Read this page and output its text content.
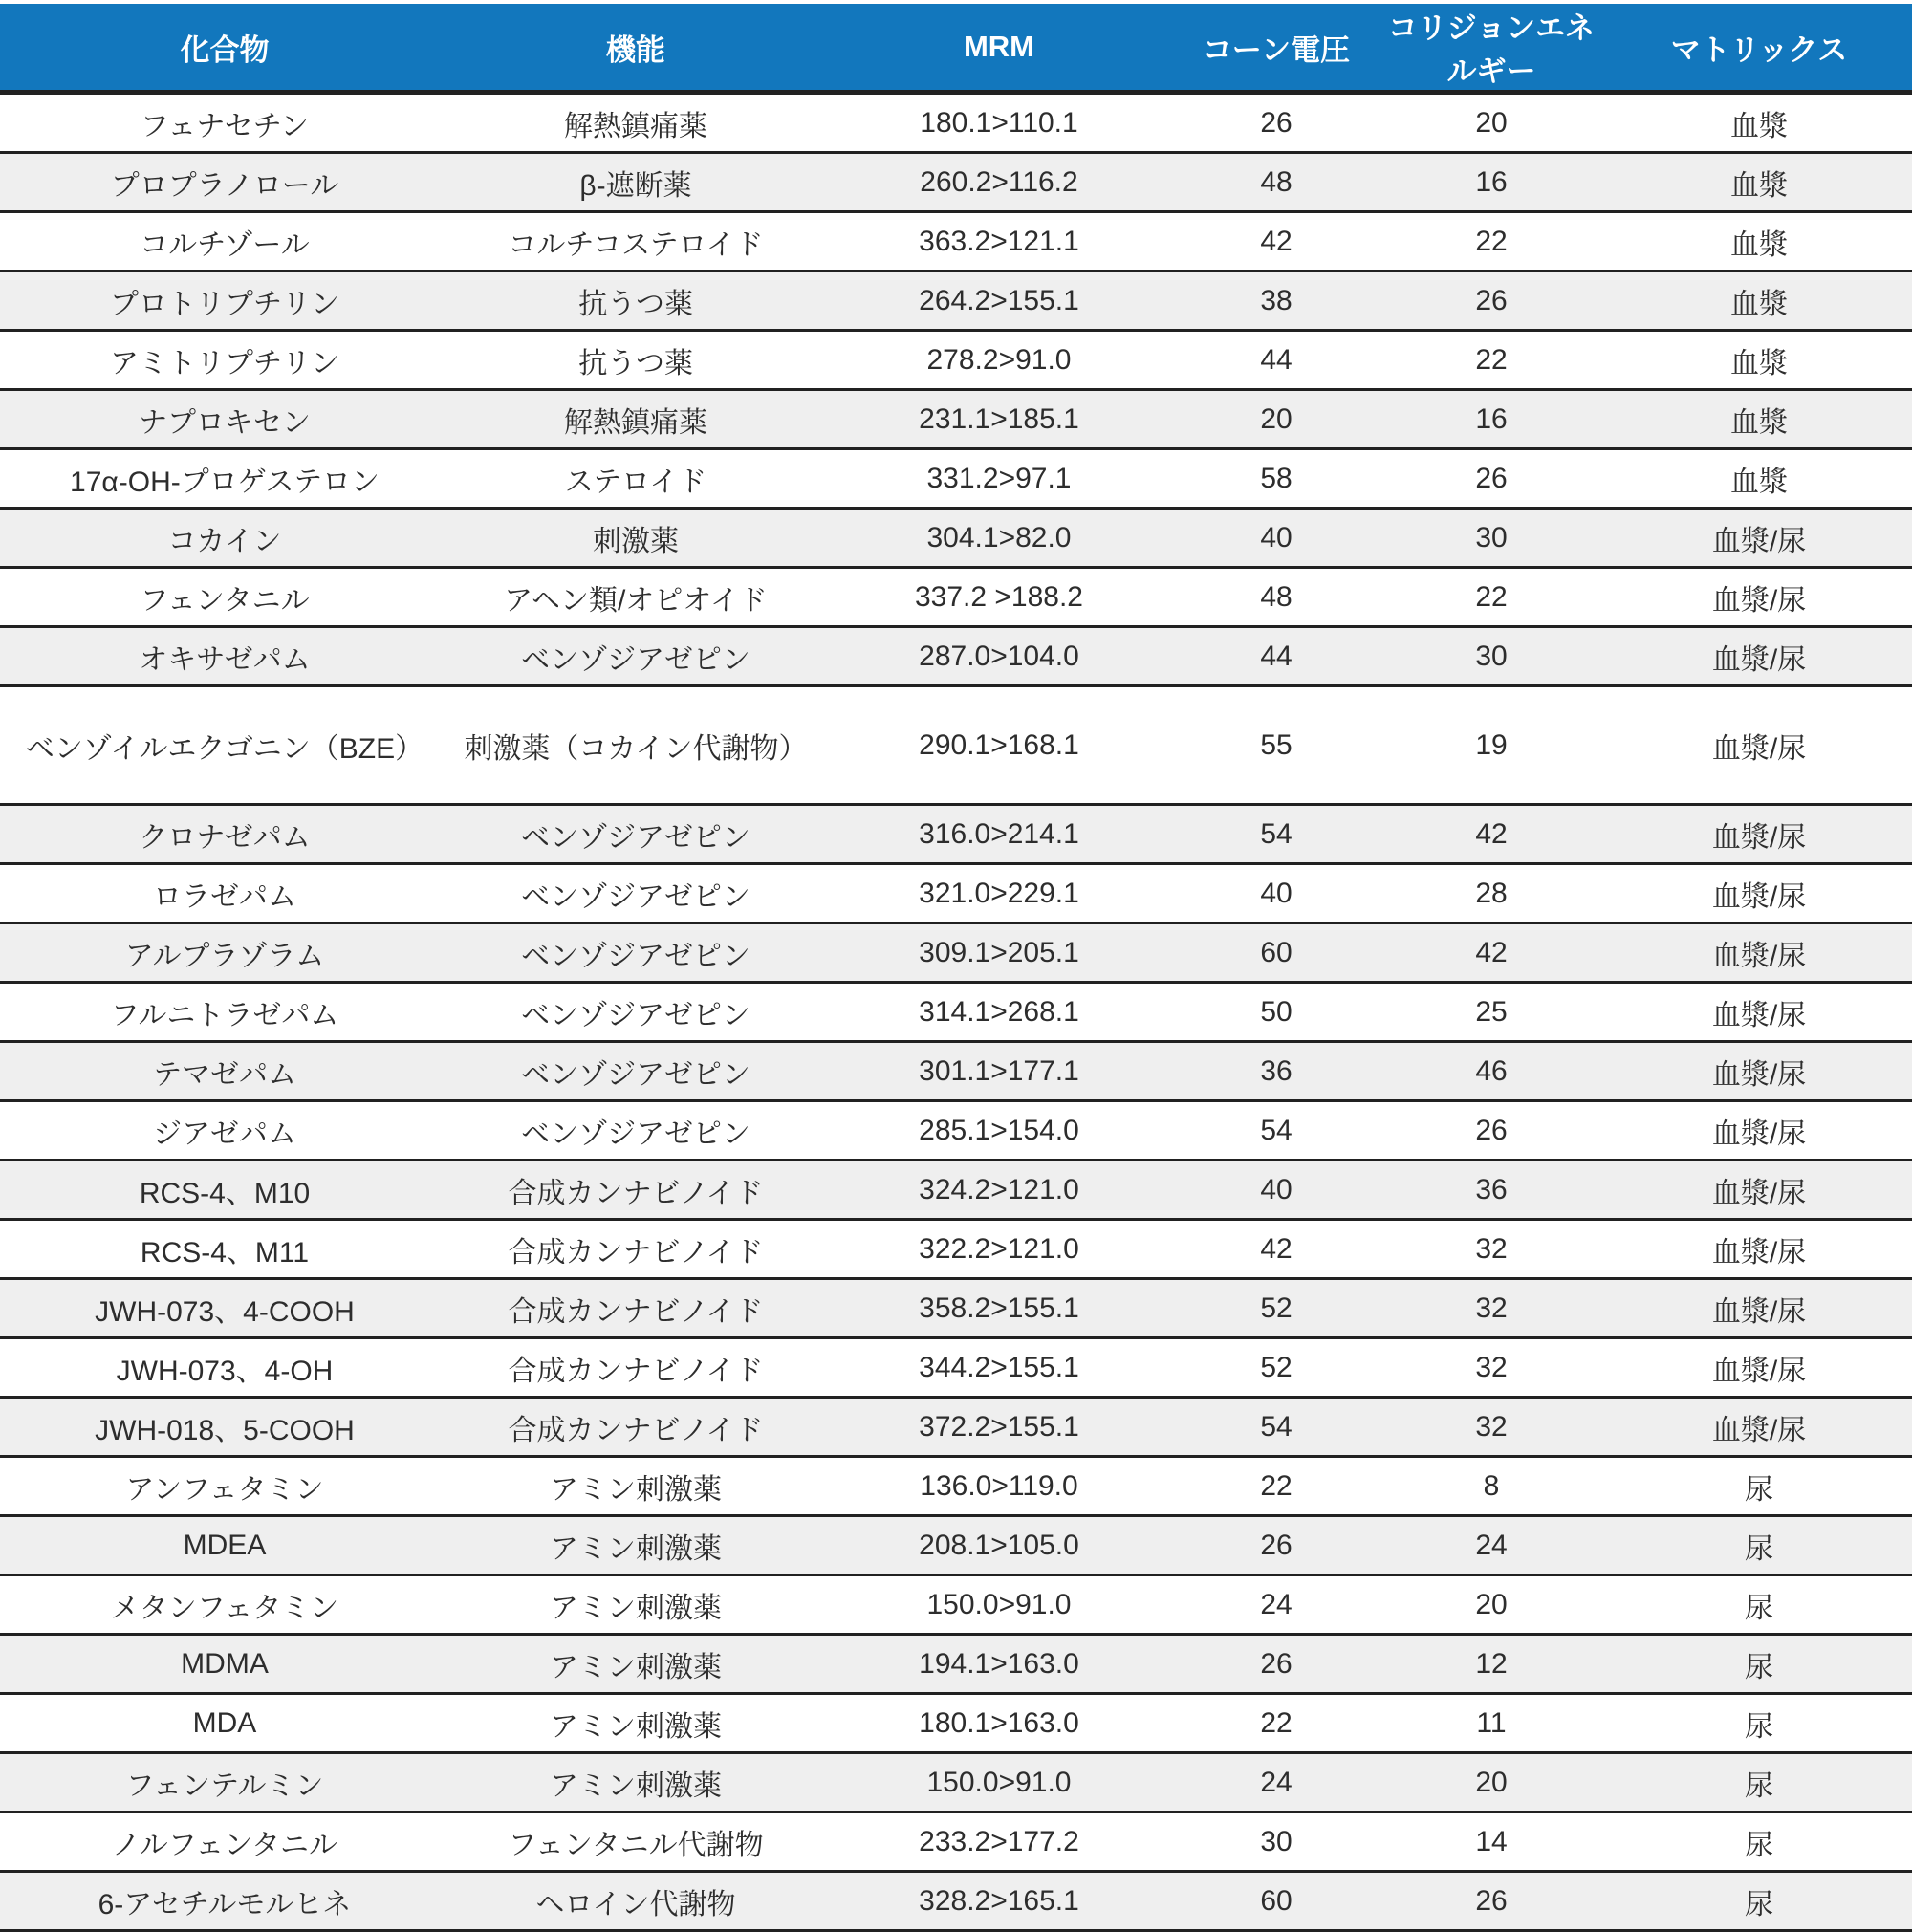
化合物	機能	MRM	コーン電圧	コリジョンエネルギー	マトリックス
フェナセチン	解熱鎮痛薬	180.1>110.1	26	20	血漿
プロプラノロール	β-遮断薬	260.2>116.2	48	16	血漿
コルチゾール	コルチコステロイド	363.2>121.1	42	22	血漿
プロトリプチリン	抗うつ薬	264.2>155.1	38	26	血漿
アミトリプチリン	抗うつ薬	278.2>91.0	44	22	血漿
ナプロキセン	解熱鎮痛薬	231.1>185.1	20	16	血漿
17α-OH-プロゲステロン	ステロイド	331.2>97.1	58	26	血漿
コカイン	刺激薬	304.1>82.0	40	30	血漿/尿
フェンタニル	アヘン類/オピオイド	337.2 >188.2	48	22	血漿/尿
オキサゼパム	ベンゾジアゼピン	287.0>104.0	44	30	血漿/尿
ベンゾイルエクゴニン（BZE）	刺激薬（コカイン代謝物）	290.1>168.1	55	19	血漿/尿
クロナゼパム	ベンゾジアゼピン	316.0>214.1	54	42	血漿/尿
ロラゼパム	ベンゾジアゼピン	321.0>229.1	40	28	血漿/尿
アルプラゾラム	ベンゾジアゼピン	309.1>205.1	60	42	血漿/尿
フルニトラゼパム	ベンゾジアゼピン	314.1>268.1	50	25	血漿/尿
テマゼパム	ベンゾジアゼピン	301.1>177.1	36	46	血漿/尿
ジアゼパム	ベンゾジアゼピン	285.1>154.0	54	26	血漿/尿
RCS-4、M10	合成カンナビノイド	324.2>121.0	40	36	血漿/尿
RCS-4、M11	合成カンナビノイド	322.2>121.0	42	32	血漿/尿
JWH-073、4-COOH	合成カンナビノイド	358.2>155.1	52	32	血漿/尿
JWH-073、4-OH	合成カンナビノイド	344.2>155.1	52	32	血漿/尿
JWH-018、5-COOH	合成カンナビノイド	372.2>155.1	54	32	血漿/尿
アンフェタミン	アミン刺激薬	136.0>119.0	22	8	尿
MDEA	アミン刺激薬	208.1>105.0	26	24	尿
メタンフェタミン	アミン刺激薬	150.0>91.0	24	20	尿
MDMA	アミン刺激薬	194.1>163.0	26	12	尿
MDA	アミン刺激薬	180.1>163.0	22	11	尿
フェンテルミン	アミン刺激薬	150.0>91.0	24	20	尿
ノルフェンタニル	フェンタニル代謝物	233.2>177.2	30	14	尿
6-アセチルモルヒネ	ヘロイン代謝物	328.2>165.1	60	26	尿
